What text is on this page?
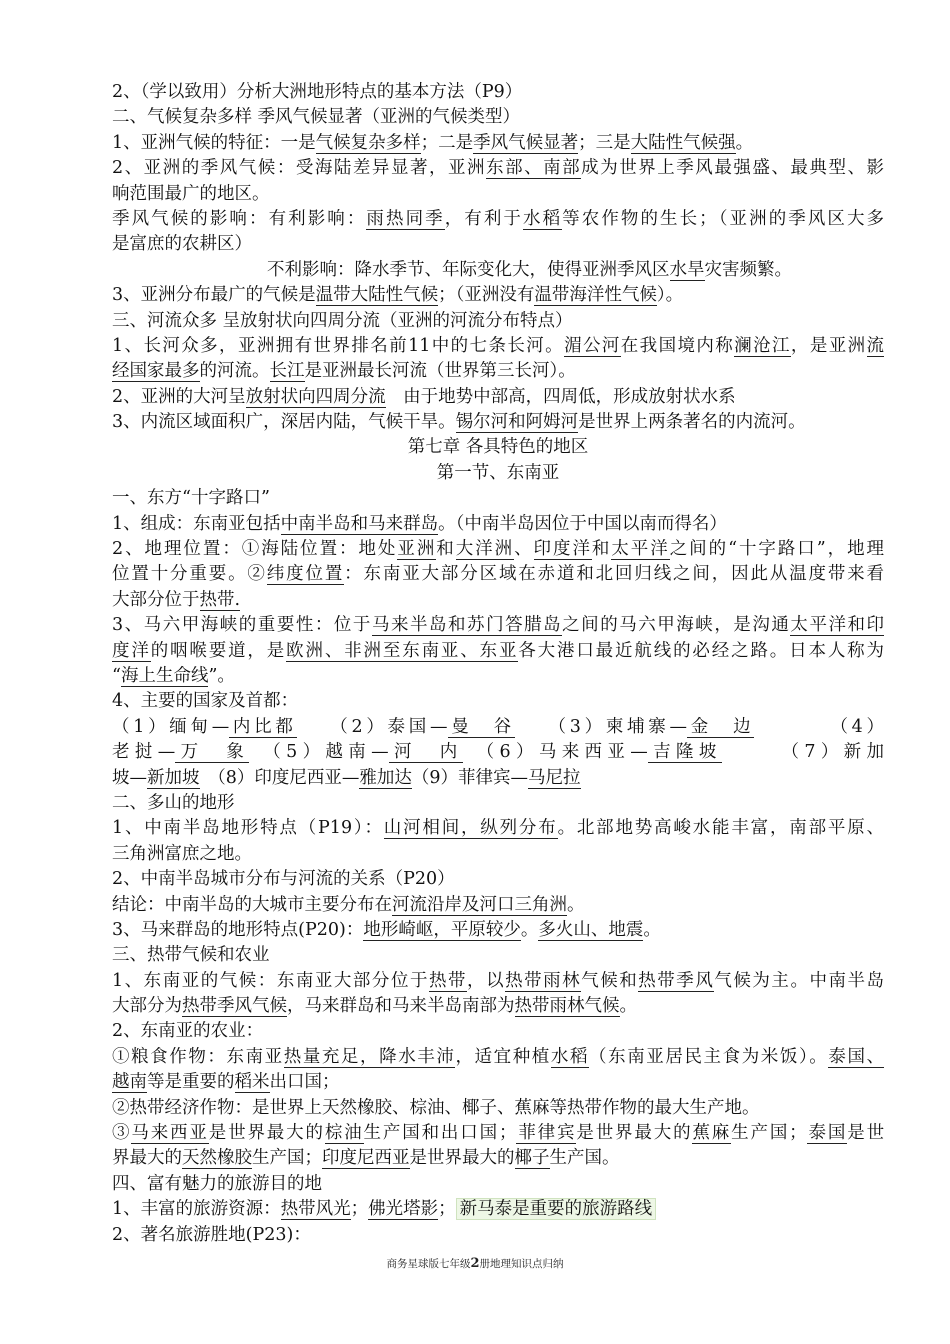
2、（学以致用）分析大洲地形特点的基本方法（P9）
二、气候复杂多样 季风气候显著（亚洲的气候类型）
1、亚洲气候的特征：一是气候复杂多样；二是季风气候显著；三是大陆性气候强。
2、亚洲的季风气候：受海陆差异显著，亚洲东部、南部成为世界上季风最强盛、最典型、影
响范围最广的地区。
季风气候的影响：有利影响：雨热同季，有利于水稻等农作物的生长；（亚洲的季风区大多
是富庶的农耕区）
不利影响：降水季节、年际变化大，使得亚洲季风区水旱灾害频繁。
3、亚洲分布最广的气候是温带大陆性气候；（亚洲没有温带海洋性气候）。
三、河流众多 呈放射状向四周分流（亚洲的河流分布特点）
1、长河众多，亚洲拥有世界排名前11中的七条长河。湄公河在我国境内称澜沧江，是亚洲流
经国家最多的河流。长江是亚洲最长河流（世界第三长河）。
2、亚洲的大河呈放射状向四周分流　由于地势中部高，四周低，形成放射状水系
3、内流区域面积广，深居内陆，气候干旱。锡尔河和阿姆河是世界上两条著名的内流河。
第七章 各具特色的地区
第一节、东南亚
一、东方“十字路口”
1、组成：东南亚包括中南半岛和马来群岛。（中南半岛因位于中国以南而得名）
2、地理位置：①海陆位置：地处亚洲和大洋洲、印度洋和太平洋之间的“十字路口”，地理
位置十分重要。②纬度位置：东南亚大部分区域在赤道和北回归线之间，因此从温度带来看
大部分位于热带.
3、马六甲海峡的重要性：位于马来半岛和苏门答腊岛之间的马六甲海峡，是沟通太平洋和印
度洋的咽喉要道，是欧洲、非洲至东南亚、东亚各大港口最近航线的必经之路。日本人称为
“海上生命线”。
4、主要的国家及首都：
（1）缅甸—内比都　　（2）泰国—曼　谷　　（3）柬埔寨—金　边　　　　（4）
老挝—万　象　（5）越南—河　内　（6）马来西亚—吉隆坡　　　（7）新加
坡—新加坡　（8）印度尼西亚—雅加达（9）菲律宾—马尼拉
二、多山的地形
1、中南半岛地形特点（P19）：山河相间，纵列分布。北部地势高峻水能丰富，南部平原、
三角洲富庶之地。
2、中南半岛城市分布与河流的关系（P20）
结论：中南半岛的大城市主要分布在河流沿岸及河口三角洲。
3、马来群岛的地形特点(P20)：地形崎岖，平原较少。多火山、地震。
三、热带气候和农业
1、东南亚的气候：东南亚大部分位于热带，以热带雨林气候和热带季风气候为主。中南半岛
大部分为热带季风气候，马来群岛和马来半岛南部为热带雨林气候。
2、东南亚的农业：
①粮食作物：东南亚热量充足，降水丰沛，适宜种植水稻（东南亚居民主食为米饭）。泰国、
越南等是重要的稻米出口国；
②热带经济作物：是世界上天然橡胶、棕油、椰子、蕉麻等热带作物的最大生产地。
③马来西亚是世界最大的棕油生产国和出口国；菲律宾是世界最大的蕉麻生产国；泰国是世
界最大的天然橡胶生产国；印度尼西亚是世界最大的椰子生产国。
四、富有魅力的旅游目的地
1、丰富的旅游资源：热带风光；佛光塔影； 新马泰是重要的旅游路线
2、著名旅游胜地(P23)：
商务星球版七年级2册地理知识点归纳
